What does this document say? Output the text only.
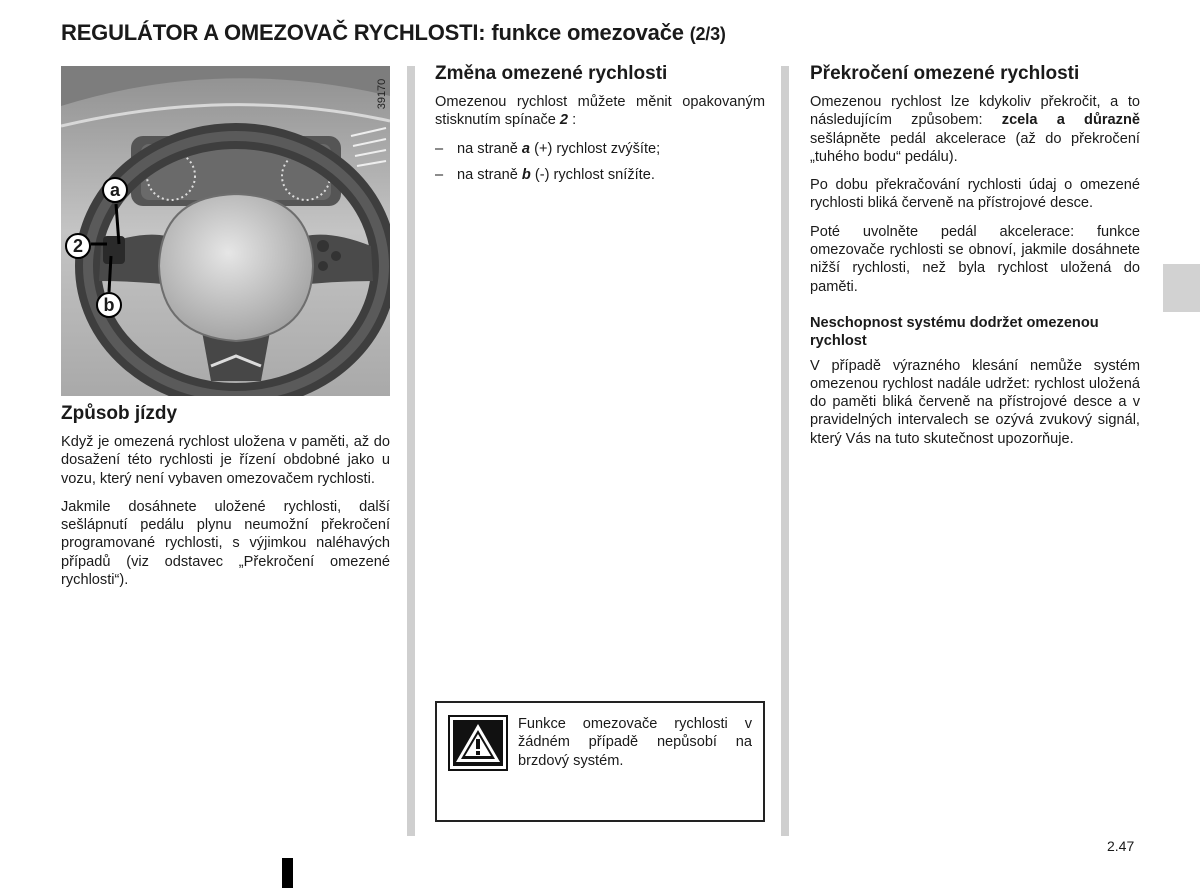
REGULÁTOR A OMEZOVAČ RYCHLOSTI: funkce omezovače (2/3)
39170
a
2
b
Způsob jízdy

Když je omezená rychlost uložena v paměti, až do dosažení této rychlosti je řízení obdobné jako u vozu, který není vybaven omezovačem rychlosti.

Jakmile dosáhnete uložené rychlosti, další sešlápnutí pedálu plynu neumožní překročení programované rychlosti, s výjimkou naléhavých případů (viz odstavec „Překročení omezené rychlosti“).

Změna omezené rychlosti

Omezenou rychlost můžete měnit opakovaným stisknutím spínače 2 :

– na straně a (+) rychlost zvýšíte;
– na straně b (-) rychlost snížíte.
Funkce omezovače rychlosti v žádném případě nepůsobí na brzdový systém.
Překročení omezené rychlosti

Omezenou rychlost lze kdykoliv překročit, a to následujícím způsobem: zcela a důrazně sešlápněte pedál akcelerace (až do překročení „tuhého bodu“ pedálu).

Po dobu překračování rychlosti údaj o omezené rychlosti bliká červeně na přístrojové desce.

Poté uvolněte pedál akcelerace: funkce omezovače rychlosti se obnoví, jakmile dosáhnete nižší rychlosti, než byla rychlost uložená do paměti.

Neschopnost systému dodržet omezenou rychlost

V případě výrazného klesání nemůže systém omezenou rychlost nadále udržet: rychlost uložená do paměti bliká červeně na přístrojové desce a v pravidelných intervalech se ozývá zvukový signál, který Vás na tuto skutečnost upozorňuje.

2.47
